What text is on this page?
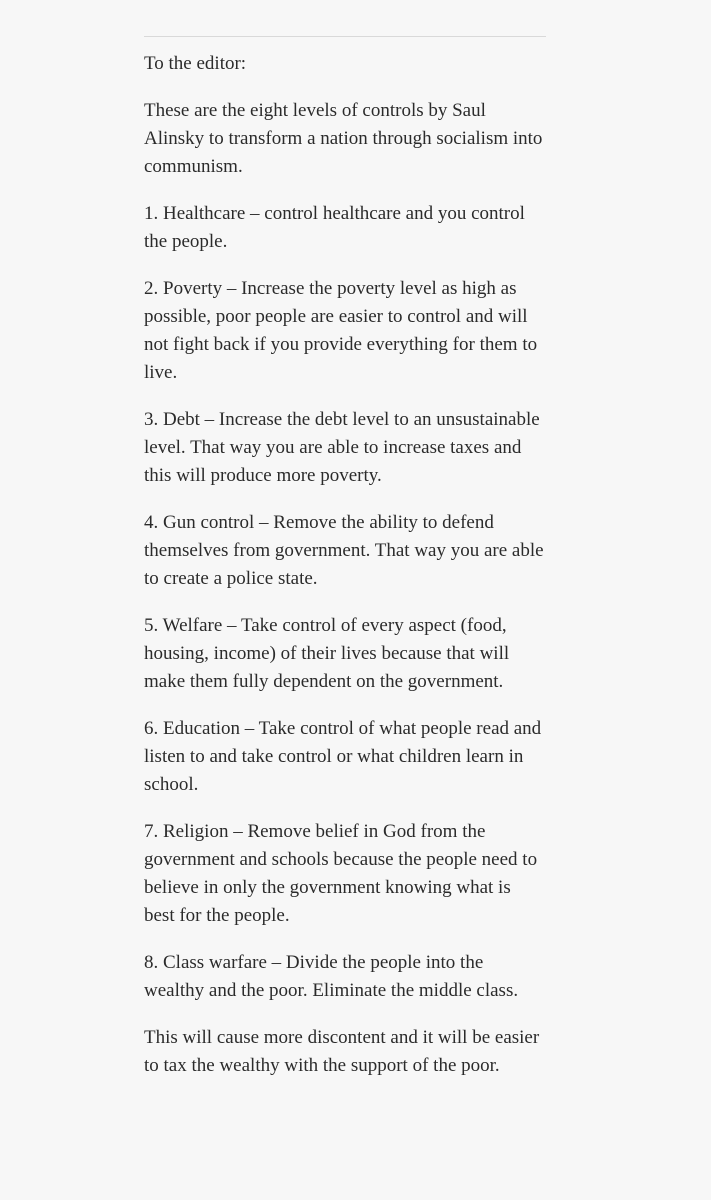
To the editor:

These are the eight levels of controls by Saul Alinsky to transform a nation through socialism into communism.

1. Healthcare – control healthcare and you control the people.

2. Poverty – Increase the poverty level as high as possible, poor people are easier to control and will not fight back if you provide everything for them to live.

3. Debt – Increase the debt level to an unsustainable level. That way you are able to increase taxes and this will produce more poverty.

4. Gun control – Remove the ability to defend themselves from government. That way you are able to create a police state.

5. Welfare – Take control of every aspect (food, housing, income) of their lives because that will make them fully dependent on the government.

6. Education – Take control of what people read and listen to and take control or what children learn in school.

7. Religion – Remove belief in God from the government and schools because the people need to believe in only the government knowing what is best for the people.

8. Class warfare – Divide the people into the wealthy and the poor. Eliminate the middle class.

This will cause more discontent and it will be easier to tax the wealthy with the support of the poor.
